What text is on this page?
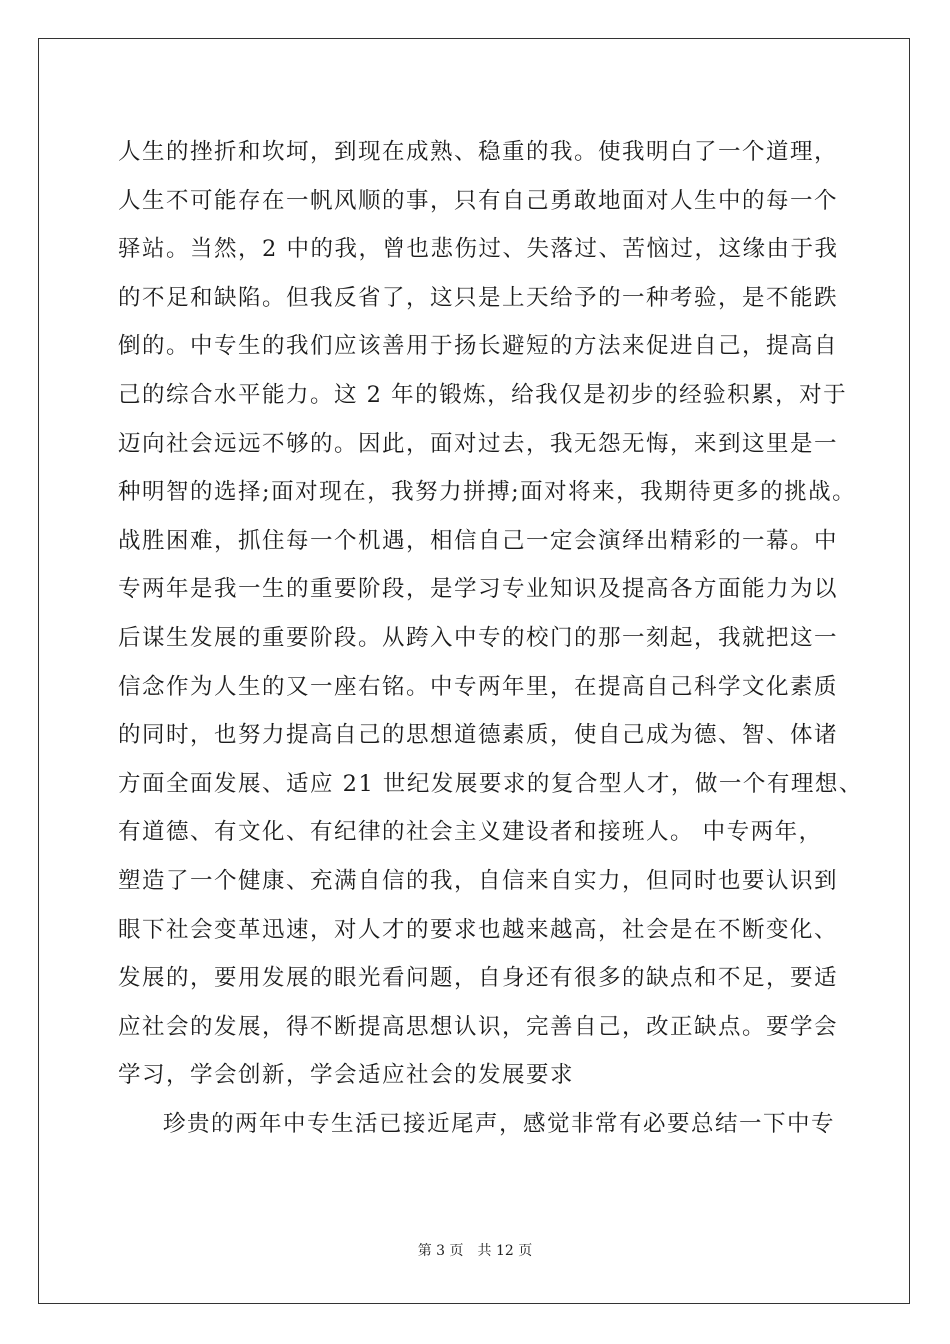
人生的挫折和坎坷，到现在成熟、稳重的我。使我明白了一个道理，
人生不可能存在一帆风顺的事，只有自己勇敢地面对人生中的每一个
驿站。当然，2 中的我，曾也悲伤过、失落过、苦恼过，这缘由于我
的不足和缺陷。但我反省了，这只是上天给予的一种考验，是不能跌
倒的。中专生的我们应该善用于扬长避短的方法来促进自己，提高自
己的综合水平能力。这 2 年的锻炼，给我仅是初步的经验积累，对于
迈向社会远远不够的。因此，面对过去，我无怨无悔，来到这里是一
种明智的选择;面对现在，我努力拼搏;面对将来，我期待更多的挑战。
战胜困难，抓住每一个机遇，相信自己一定会演绎出精彩的一幕。中
专两年是我一生的重要阶段，是学习专业知识及提高各方面能力为以
后谋生发展的重要阶段。从跨入中专的校门的那一刻起，我就把这一
信念作为人生的又一座右铭。中专两年里，在提高自己科学文化素质
的同时，也努力提高自己的思想道德素质，使自己成为德、智、体诸
方面全面发展、适应 21 世纪发展要求的复合型人才，做一个有理想、
有道德、有文化、有纪律的社会主义建设者和接班人。 中专两年，
塑造了一个健康、充满自信的我，自信来自实力，但同时也要认识到
眼下社会变革迅速，对人才的要求也越来越高，社会是在不断变化、
发展的，要用发展的眼光看问题，自身还有很多的缺点和不足，要适
应社会的发展，得不断提高思想认识，完善自己，改正缺点。要学会
学习，学会创新，学会适应社会的发展要求
珍贵的两年中专生活已接近尾声，感觉非常有必要总结一下中专
第 3 页 共 12 页
